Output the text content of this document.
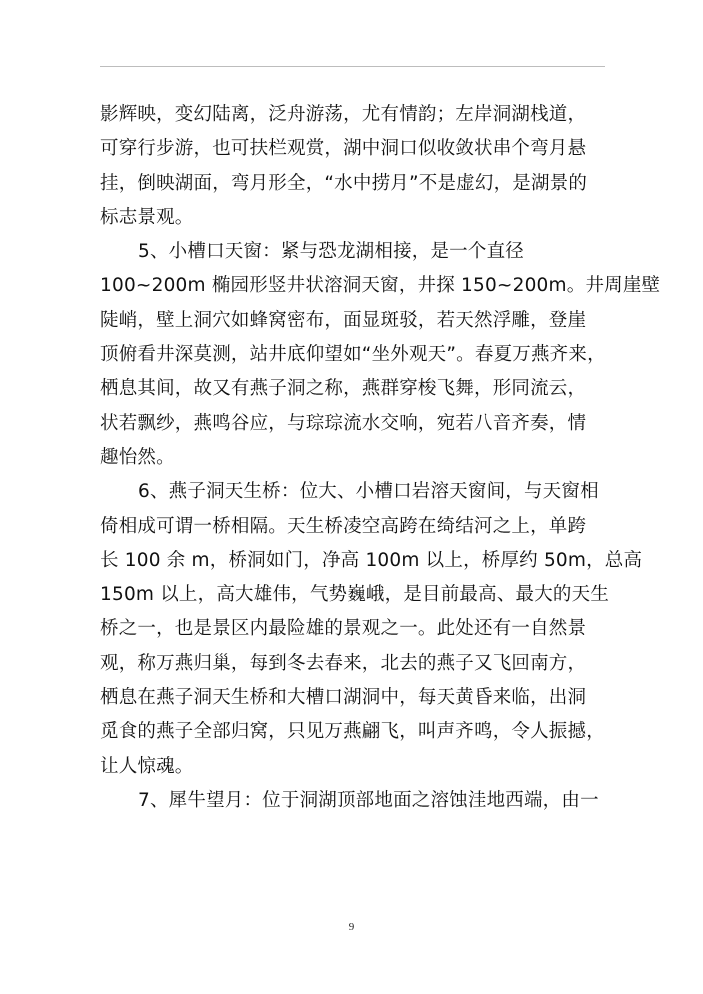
影辉映，变幻陆离，泛舟游荡，尤有情韵；左岸洞湖栈道，
可穿行步游，也可扶栏观赏，湖中洞口似收敛状串个弯月悬
挂，倒映湖面，弯月形全，“水中捞月”不是虚幻，是湖景的
标志景观。
5、小槽口天窗：紧与恐龙湖相接，是一个直径
100~200m 椭园形竖井状溶洞天窗，井探 150~200m。井周崖壁
陡峭，壁上洞穴如蜂窝密布，面显斑驳，若天然浮雕，登崖
顶俯看井深莫测，站井底仰望如“坐外观天”。春夏万燕齐来，
栖息其间，故又有燕子洞之称，燕群穿梭飞舞，形同流云，
状若飘纱，燕鸣谷应，与琮琮流水交响，宛若八音齐奏，情
趣怡然。
6、燕子洞天生桥：位大、小槽口岩溶天窗间，与天窗相
倚相成可谓一桥相隔。天生桥凌空高跨在绮结河之上，单跨
长 100 余 m，桥洞如门，净高 100m 以上，桥厚约 50m，总高
150m 以上，高大雄伟，气势巍峨，是目前最高、最大的天生
桥之一，也是景区内最险雄的景观之一。此处还有一自然景
观，称万燕归巢，每到冬去春来，北去的燕子又飞回南方，
栖息在燕子洞天生桥和大槽口湖洞中，每天黄昏来临，出洞
觅食的燕子全部归窝，只见万燕翩飞，叫声齐鸣，令人振撼，
让人惊魂。
7、犀牛望月：位于洞湖顶部地面之溶蚀洼地西端，由一
9
